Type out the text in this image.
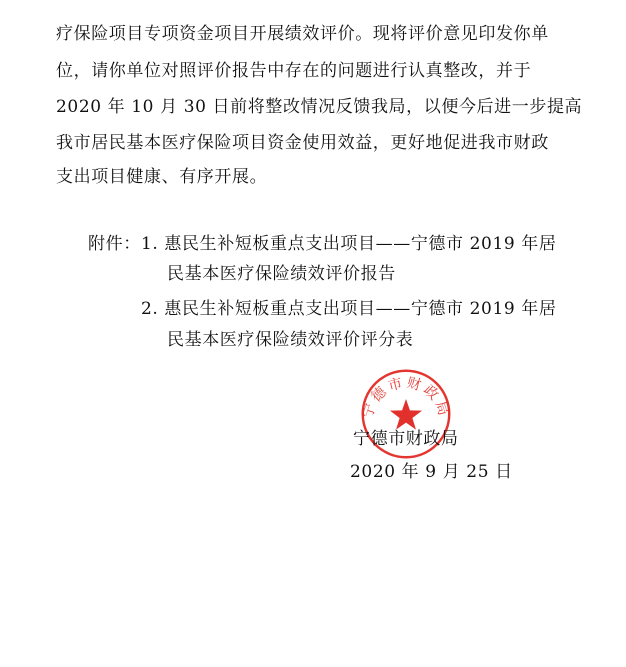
疗保险项目专项资金项目开展绩效评价。现将评价意见印发你单
位，请你单位对照评价报告中存在的问题进行认真整改，并于
2020 年 10 月 30 日前将整改情况反馈我局，以便今后进一步提高
我市居民基本医疗保险项目资金使用效益，更好地促进我市财政
支出项目健康、有序开展。
附件： 1. 惠民生补短板重点支出项目——宁德市 2019 年居
民基本医疗保险绩效评价报告
2. 惠民生补短板重点支出项目——宁德市 2019 年居
民基本医疗保险绩效评价评分表
宁德市财政局
宁德市财政局
2020 年 9 月 25 日
